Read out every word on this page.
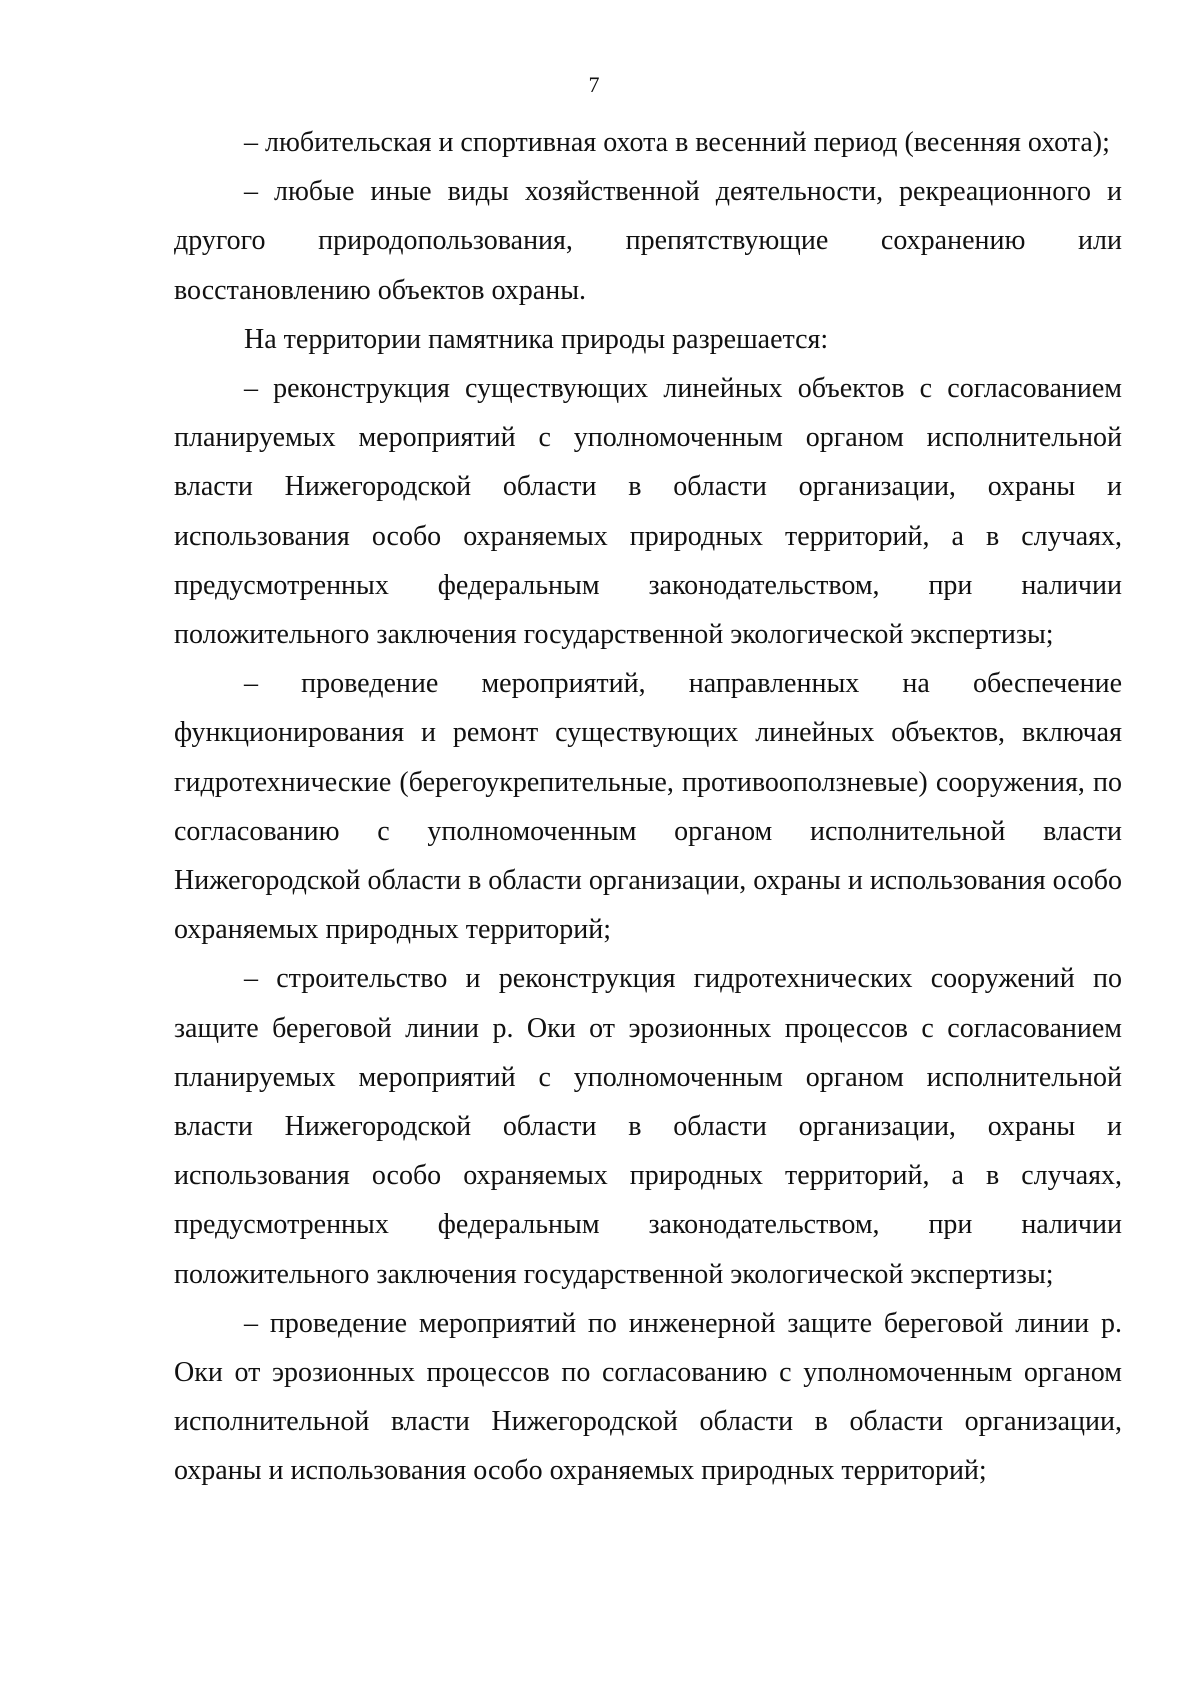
7

– любительская и спортивная охота в весенний период (весенняя охота);

– любые иные виды хозяйственной деятельности, рекреационного и другого природопользования, препятствующие сохранению или восстановлению объектов охраны.

На территории памятника природы разрешается:

– реконструкция существующих линейных объектов с согласованием планируемых мероприятий с уполномоченным органом исполнительной власти Нижегородской области в области организации, охраны и использования особо охраняемых природных территорий, а в случаях, предусмотренных федеральным законодательством, при наличии положительного заключения государственной экологической экспертизы;

– проведение мероприятий, направленных на обеспечение функционирования и ремонт существующих линейных объектов, включая гидротехнические (берегоукрепительные, противооползневые) сооружения, по согласованию с уполномоченным органом исполнительной власти Нижегородской области в области организации, охраны и использования особо охраняемых природных территорий;

– строительство и реконструкция гидротехнических сооружений по защите береговой линии р. Оки от эрозионных процессов с согласованием планируемых мероприятий с уполномоченным органом исполнительной власти Нижегородской области в области организации, охраны и использования особо охраняемых природных территорий, а в случаях, предусмотренных федеральным законодательством, при наличии положительного заключения государственной экологической экспертизы;

– проведение мероприятий по инженерной защите береговой линии р. Оки от эрозионных процессов по согласованию с уполномоченным органом исполнительной власти Нижегородской области в области организации, охраны и использования особо охраняемых природных территорий;
